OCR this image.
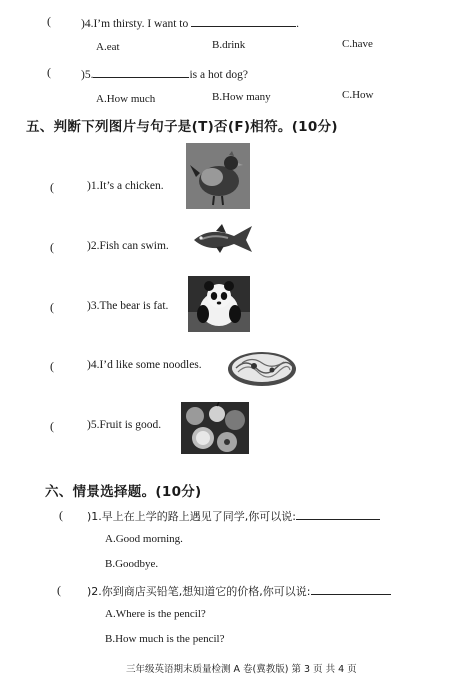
(	)4.I’m thirsty. I want to	.
A.eat	B.drink	C.have
(	)5.	is a hot dog?
A.How much	B.How many	C.How
五、判断下列图片与句子是(T)否(F)相符。(10分)
(	)1.It’s a chicken.
(	)2.Fish can swim.
(	)3.The bear is fat.
(	)4.I’d like some noodles.
(	)5.Fruit is good.
六、情景选择题。(10分)
( )1.早上在上学的路上遇见了同学,你可以说:
A.Good morning.
B.Goodbye.
( )2.你到商店买铅笔,想知道它的价格,你可以说:
A.Where is the pencil?
B.How much is the pencil?
三年级英语期末质量检测 A 卷(冀教版) 第 3 页 共 4 页
